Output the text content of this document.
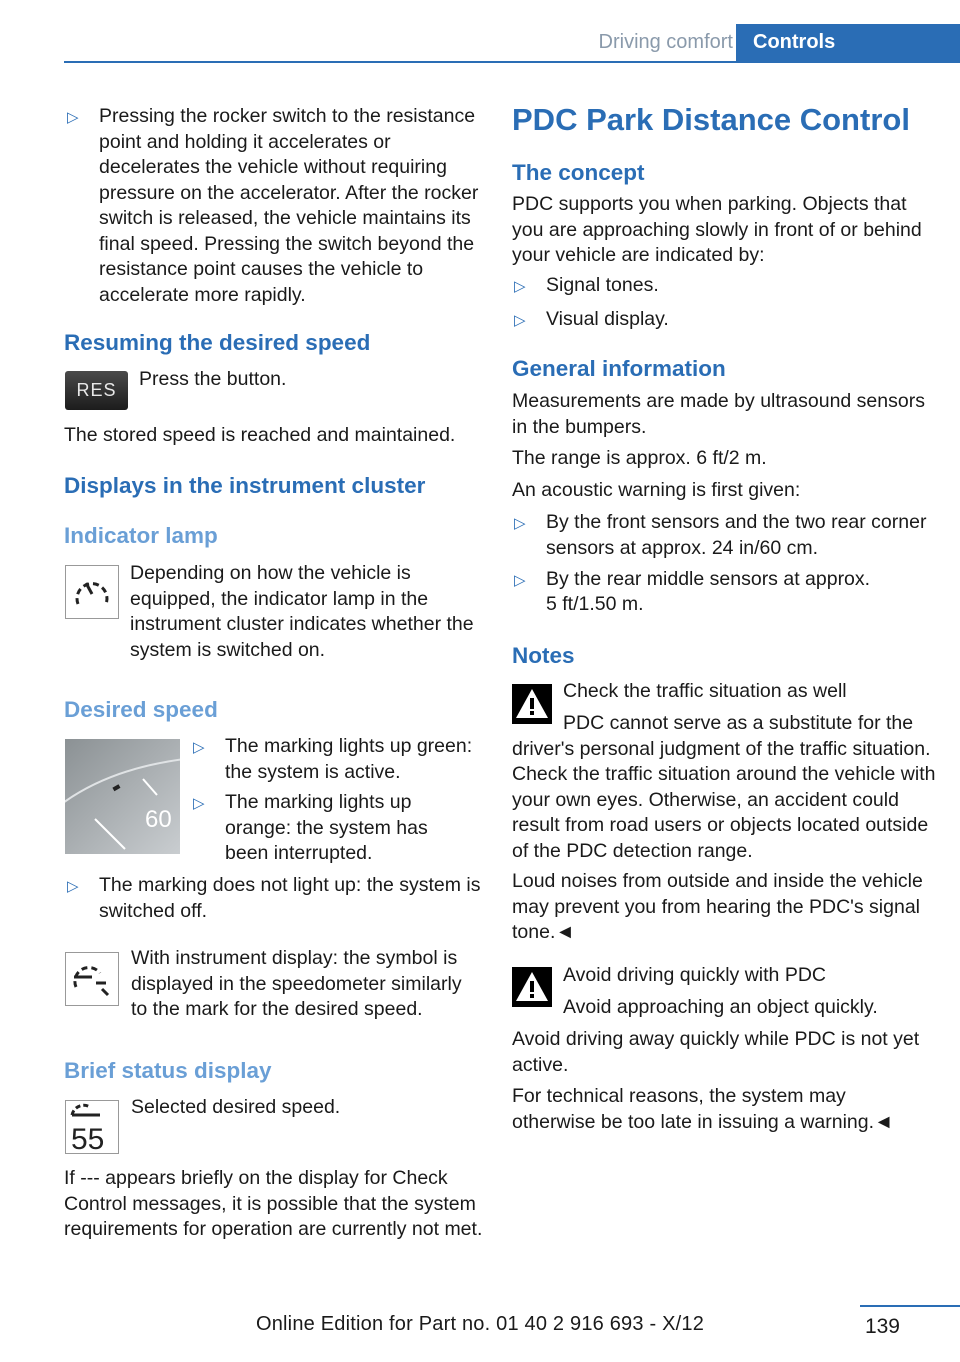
Driving comfort	Controls
▷ Pressing the rocker switch to the resistance point and holding it accelerates or decelerates the vehicle without requiring pressure on the accelerator. After the rocker switch is released, the vehicle maintains its final speed. Pressing the switch beyond the resistance point causes the vehicle to accelerate more rapidly.

Resuming the desired speed
RES	Press the button.

The stored speed is reached and maintained.

Displays in the instrument cluster
Indicator lamp

Depending on how the vehicle is equipped, the indicator lamp in the instrument cluster indicates whether the system is switched on.

Desired speed
60
▷ The marking lights up green: the system is active.

▷ The marking lights up orange: the system has been interrupted.

▷ The marking does not light up: the system is switched off.

With instrument display: the symbol is displayed in the speedometer similarly to the mark for the desired speed.

Brief status display
55

Selected desired speed.

If --- appears briefly on the display for Check Control messages, it is possible that the system requirements for operation are currently not met.

PDC Park Distance Control
The concept

PDC supports you when parking. Objects that you are approaching slowly in front of or behind your vehicle are indicated by:

▷ Signal tones.

▷ Visual display.

General information

Measurements are made by ultrasound sensors in the bumpers.

The range is approx. 6 ft/2 m.

An acoustic warning is first given:

▷ By the front sensors and the two rear corner sensors at approx. 24 in/60 cm.

▷ By the rear middle sensors at approx.

5 ft/1.50 m.

Notes

Check the traffic situation as well

PDC cannot serve as a substitute for the driver's personal judgment of the traffic situation. Check the traffic situation around the vehicle with your own eyes. Otherwise, an accident could result from road users or objects located outside of the PDC detection range.

Loud noises from outside and inside the vehicle may prevent you from hearing the PDC's signal tone.◄

Avoid driving quickly with PDC

Avoid approaching an object quickly.

Avoid driving away quickly while PDC is not yet active.

For technical reasons, the system may otherwise be too late in issuing a warning.◄

139
Online Edition for Part no. 01 40 2 916 693 - X/12
